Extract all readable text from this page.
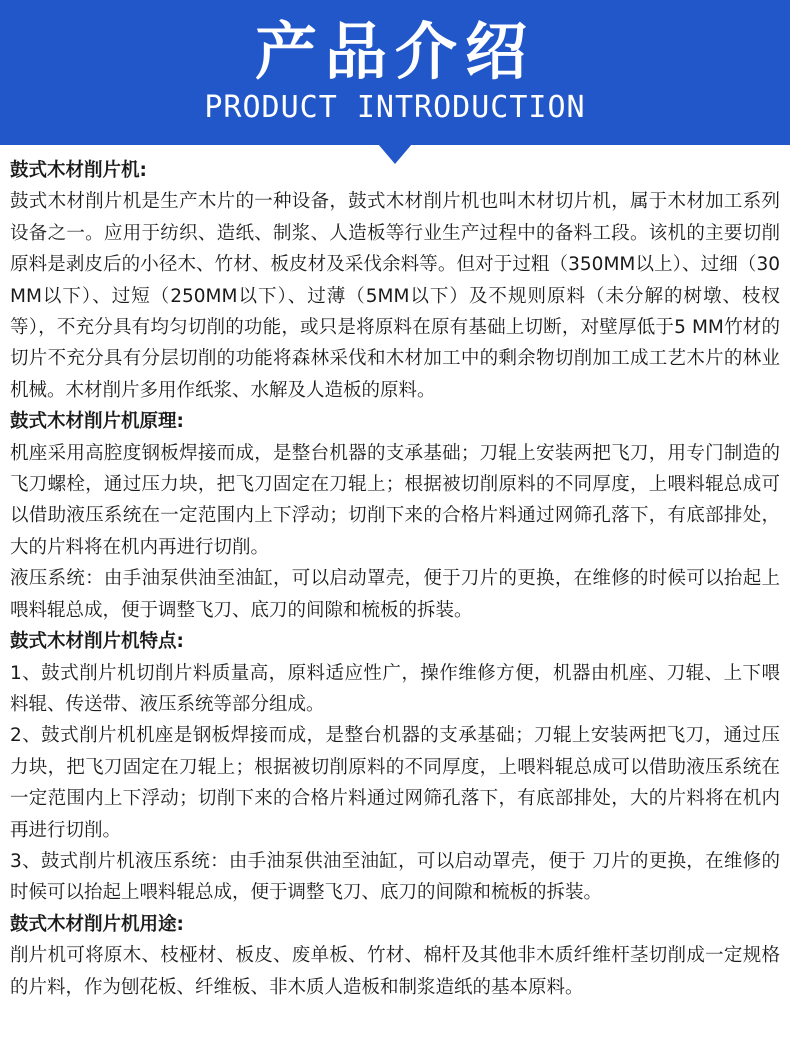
产品介绍
PRODUCT INTRODUCTION

鼓式木材削片机:

鼓式木材削片机是生产木片的一种设备，鼓式木材削片机也叫木材切片机，属于木材加工系列设备之一。应用于纺织、造纸、制浆、人造板等行业生产过程中的备料工段。该机的主要切削原料是剥皮后的小径木、竹材、板皮材及采伐余料等。但对于过粗（350MM以上）、过细（30MM以下）、过短（250MM以下）、过薄（5MM以下）及不规则原料（未分解的树墩、枝杈等），不充分具有均匀切削的功能，或只是将原料在原有基础上切断，对壁厚低于5 MM竹材的切片不充分具有分层切削的功能将森林采伐和木材加工中的剩余物切削加工成工艺木片的林业机械。木材削片多用作纸浆、水解及人造板的原料。

鼓式木材削片机原理:

机座采用高腔度钢板焊接而成，是整台机器的支承基础；刀辊上安装两把飞刀，用专门制造的飞刀螺栓，通过压力块，把飞刀固定在刀辊上；根据被切削原料的不同厚度，上喂料辊总成可以借助液压系统在一定范围内上下浮动；切削下来的合格片料通过网筛孔落下，有底部排处，大的片料将在机内再进行切削。

液压系统：由手油泵供油至油缸，可以启动罩壳，便于刀片的更换，在维修的时候可以抬起上喂料辊总成，便于调整飞刀、底刀的间隙和梳板的拆装。

鼓式木材削片机特点:

1、鼓式削片机切削片料质量高，原料适应性广，操作维修方便，机器由机座、刀辊、上下喂料辊、传送带、液压系统等部分组成。

2、鼓式削片机机座是钢板焊接而成，是整台机器的支承基础；刀辊上安装两把飞刀，通过压力块，把飞刀固定在刀辊上；根据被切削原料的不同厚度，上喂料辊总成可以借助液压系统在一定范围内上下浮动；切削下来的合格片料通过网筛孔落下，有底部排处，大的片料将在机内再进行切削。

3、鼓式削片机液压系统：由手油泵供油至油缸，可以启动罩壳，便于 刀片的更换，在维修的时候可以抬起上喂料辊总成，便于调整飞刀、底刀的间隙和梳板的拆装。

鼓式木材削片机用途:

削片机可将原木、枝桠材、板皮、废单板、竹材、棉杆及其他非木质纤维杆茎切削成一定规格的片料，作为刨花板、纤维板、非木质人造板和制浆造纸的基本原料。
